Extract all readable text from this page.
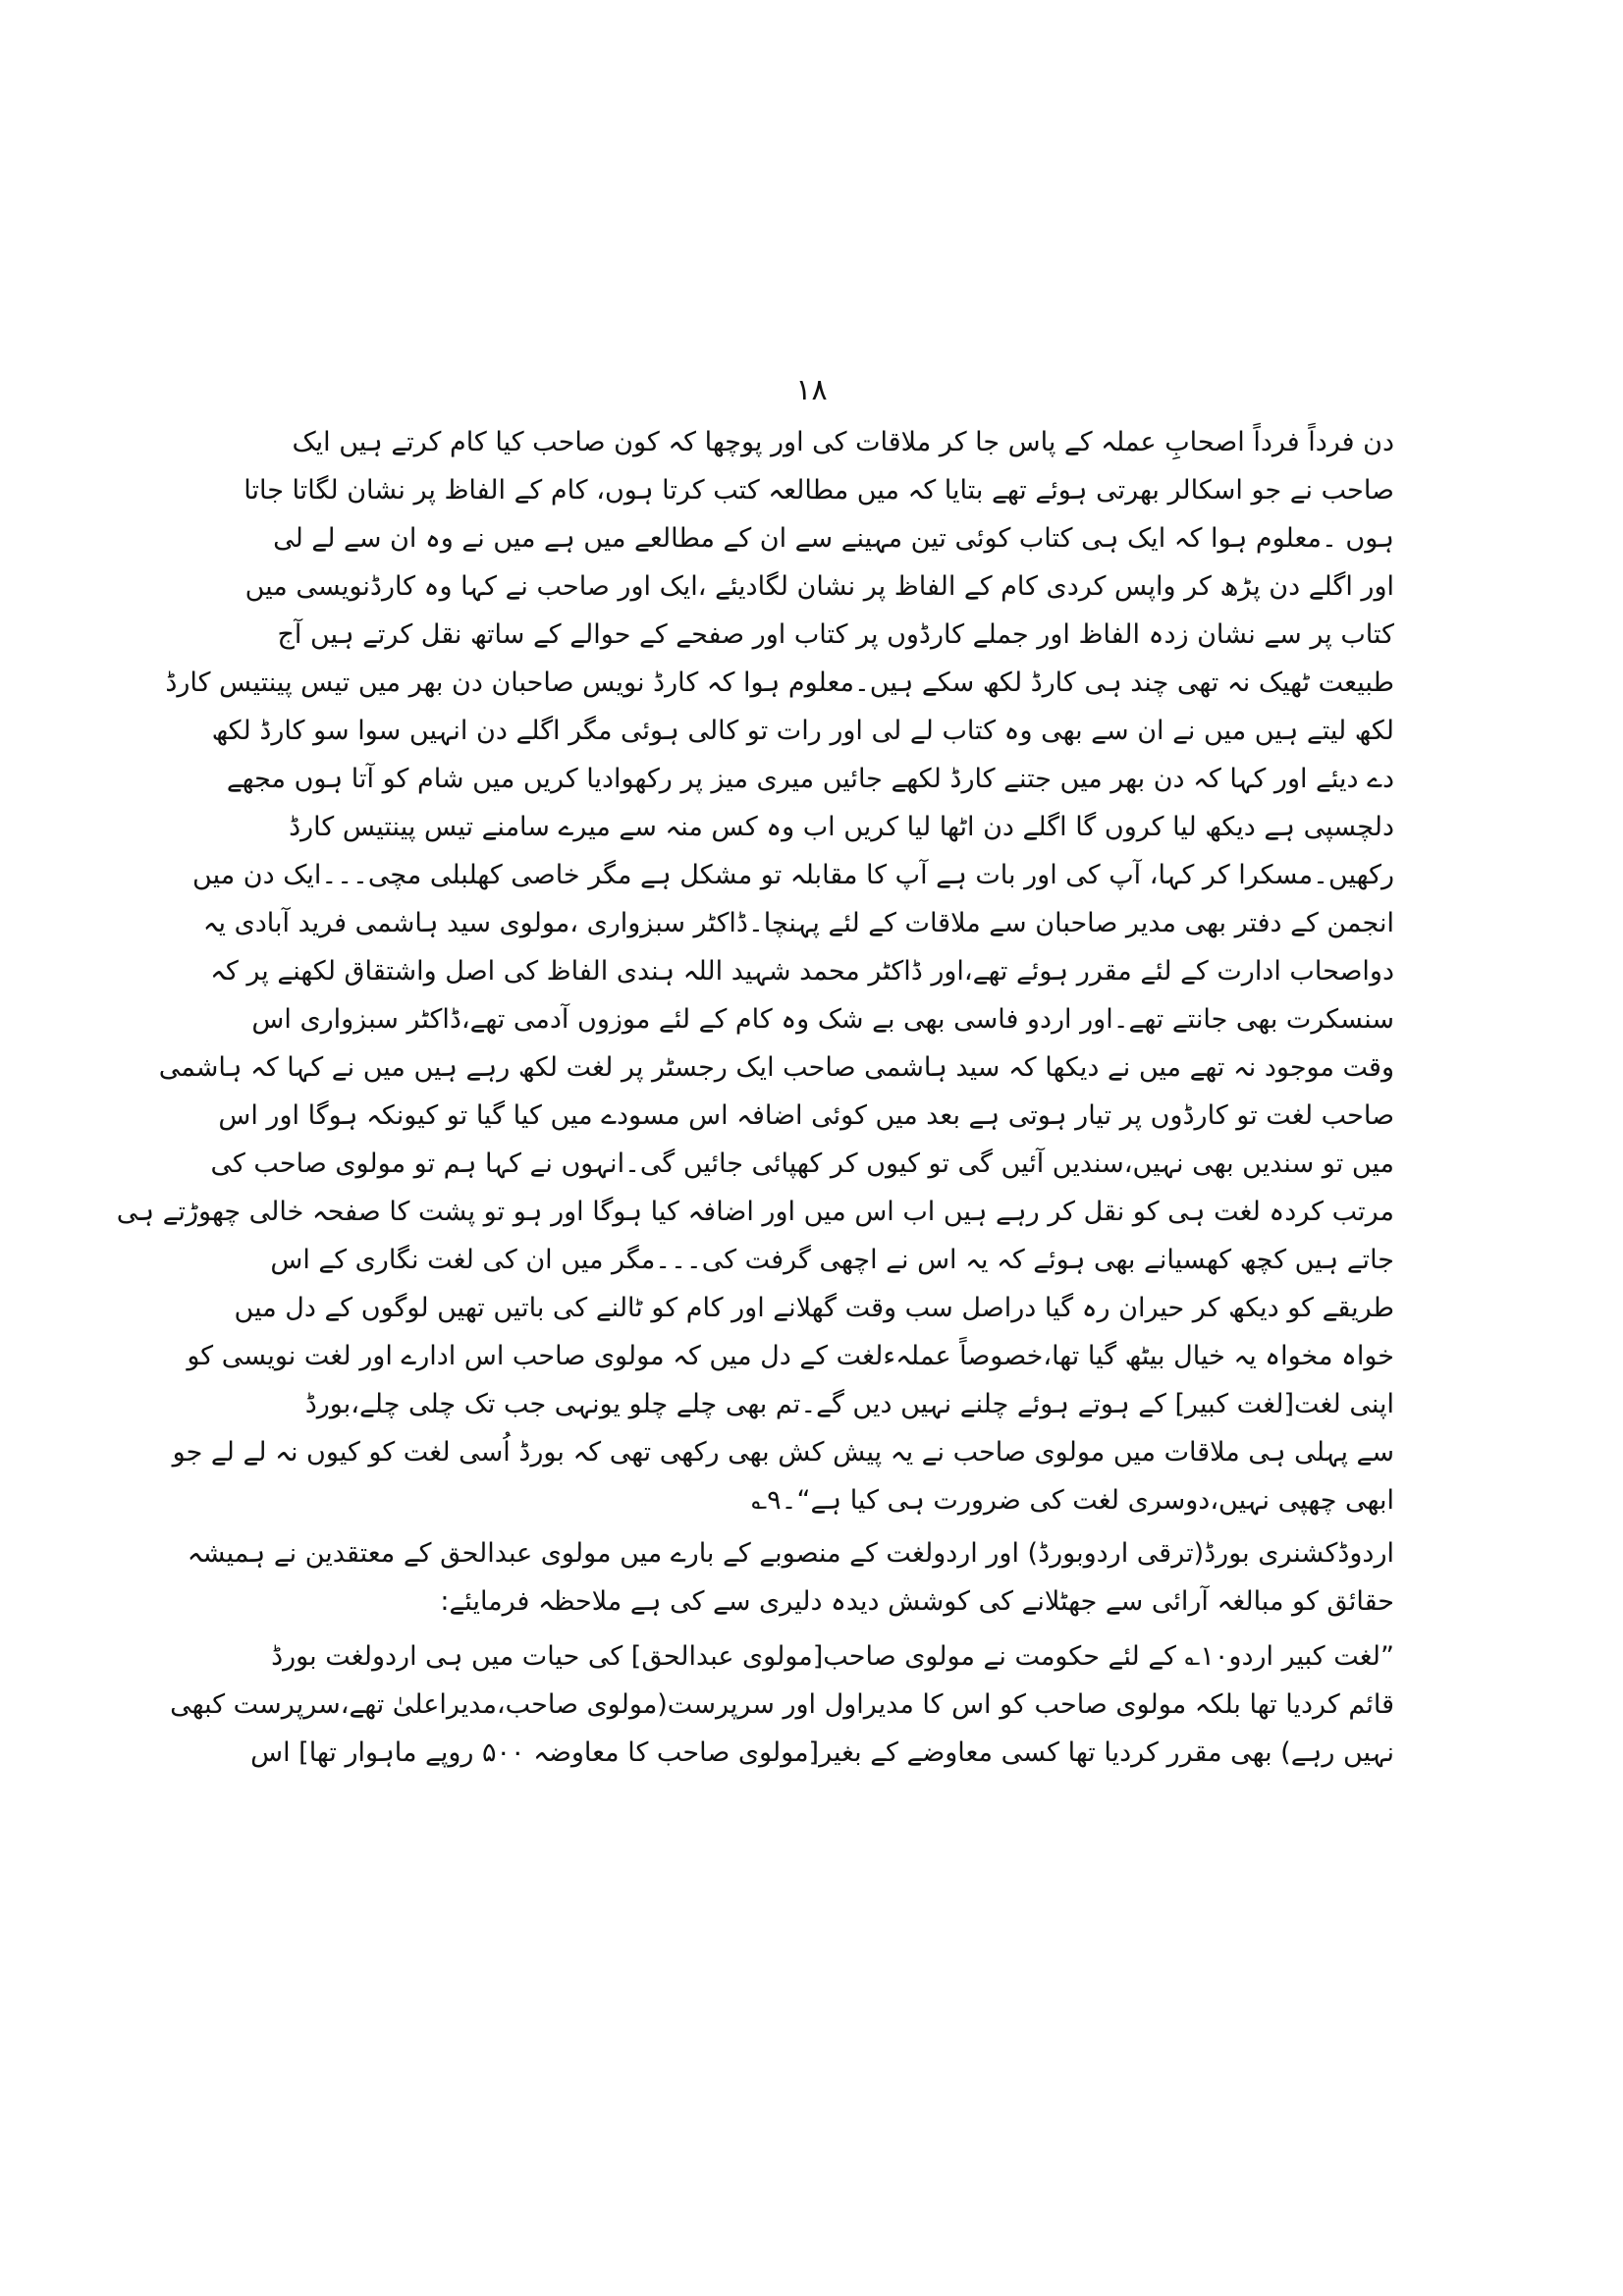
۱۸
دن فرداً فرداً اصحابِ عملہ کے پاس جا کر ملاقات کی اور پوچھا کہ کون صاحب کیا کام کرتے ہیں ایک
صاحب نے جو اسکالر بھرتی ہوئے تھے بتایا کہ میں مطالعہ کتب کرتا ہوں، کام کے الفاظ پر نشان لگاتا جاتا
ہوں ۔معلوم ہوا کہ ایک ہی کتاب کوئی تین مہینے سے ان کے مطالعے میں ہے میں نے وہ ان سے لے لی
اور اگلے دن پڑھ کر واپس کردی کام کے الفاظ پر نشان لگادیئے ،ایک اور صاحب نے کہا وہ کارڈنویسی میں
کتاب پر سے نشان زدہ الفاظ اور جملے کارڈوں پر کتاب اور صفحے کے حوالے کے ساتھ نقل کرتے ہیں آج
طبیعت ٹھیک نہ تھی چند ہی کارڈ لکھ سکے ہیں۔معلوم ہوا کہ کارڈ نویس صاحبان دن بھر میں تیس پینتیس کارڈ
لکھ لیتے ہیں میں نے ان سے بھی وہ کتاب لے لی اور رات تو کالی ہوئی مگر اگلے دن انہیں سوا سو کارڈ لکھ
دے دیئے اور کہا کہ دن بھر میں جتنے کارڈ لکھے جائیں میری میز پر رکھوادیا کریں میں شام کو آتا ہوں مجھے
دلچسپی ہے دیکھ لیا کروں گا اگلے دن اٹھا لیا کریں اب وہ کس منہ سے میرے سامنے تیس پینتیس کارڈ
رکھیں۔مسکرا کر کہا، آپ کی اور بات ہے آپ کا مقابلہ تو مشکل ہے مگر خاصی کھلبلی مچی۔۔۔ایک دن میں
انجمن کے دفتر بھی مدیر صاحبان سے ملاقات کے لئے پہنچا۔ڈاکٹر سبزواری ،مولوی سید ہاشمی فرید آبادی یہ
دواصحاب ادارت کے لئے مقرر ہوئے تھے،اور ڈاکٹر محمد شہید اللہ ہندی الفاظ کی اصل واشتقاق لکھنے پر کہ
سنسکرت بھی جانتے تھے۔اور اردو فاسی بھی بے شک وہ کام کے لئے موزوں آدمی تھے،ڈاکٹر سبزواری اس
وقت موجود نہ تھے میں نے دیکھا کہ سید ہاشمی صاحب ایک رجسٹر پر لغت لکھ رہے ہیں میں نے کہا کہ ہاشمی
صاحب لغت تو کارڈوں پر تیار ہوتی ہے بعد میں کوئی اضافہ اس مسودے میں کیا گیا تو کیونکہ ہوگا اور اس
میں تو سندیں بھی نہیں،سندیں آئیں گی تو کیوں کر کھپائی جائیں گی۔انہوں نے کہا ہم تو مولوی صاحب کی
مرتب کردہ لغت ہی کو نقل کر رہے ہیں اب اس میں اور اضافہ کیا ہوگا اور ہو تو پشت کا صفحہ خالی چھوڑتے ہی
جاتے ہیں کچھ کھسیانے بھی ہوئے کہ یہ اس نے اچھی گرفت کی۔۔۔مگر میں ان کی لغت نگاری کے اس
طریقے کو دیکھ کر حیران رہ گیا دراصل سب وقت گھلانے اور کام کو ٹالنے کی باتیں تھیں لوگوں کے دل میں
خواہ مخواہ یہ خیال بیٹھ گیا تھا،خصوصاً عملہءلغت کے دل میں کہ مولوی صاحب اس ادارے اور لغت نویسی کو
اپنی لغت[لغت کبیر] کے ہوتے ہوئے چلنے نہیں دیں گے۔تم بھی چلے چلو یونہی جب تک چلی چلے،بورڈ
سے پہلی ہی ملاقات میں مولوی صاحب نے یہ پیش کش بھی رکھی تھی کہ بورڈ اُسی لغت کو کیوں نہ لے لے جو
ابھی چھپی نہیں،دوسری لغت کی ضرورت ہی کیا ہے“۔۹؎
اردوڈکشنری بورڈ(ترقی اردوبورڈ) اور اردولغت کے منصوبے کے بارے میں مولوی عبدالحق کے معتقدین نے ہمیشہ
حقائق کو مبالغہ آرائی سے جھٹلانے کی کوشش دیدہ دلیری سے کی ہے ملاحظہ فرمایئے:
”لغت کبیر اردو۱۰؎ کے لئے حکومت نے مولوی صاحب[مولوی عبدالحق] کی حیات میں ہی اردولغت بورڈ
قائم کردیا تھا بلکہ مولوی صاحب کو اس کا مدیراول اور سرپرست(مولوی صاحب،مدیراعلیٰ تھے،سرپرست کبھی
نہیں رہے) بھی مقرر کردیا تھا کسی معاوضے کے بغیر[مولوی صاحب کا معاوضہ ۵۰۰ روپے ماہوار تھا] اس
